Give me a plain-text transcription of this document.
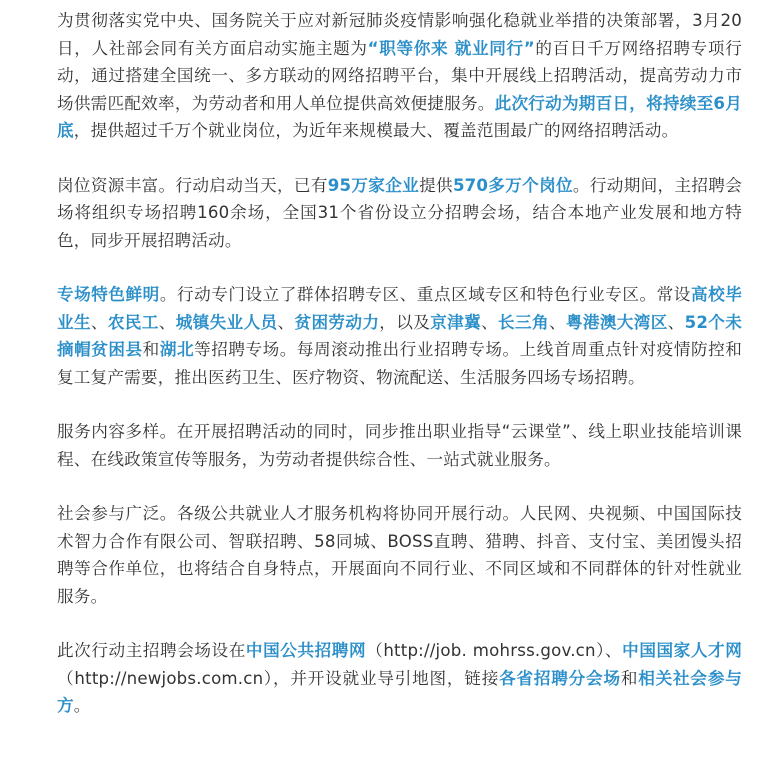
为贯彻落实党中央、国务院关于应对新冠肺炎疫情影响强化稳就业举措的决策部署，3月20日，人社部会同有关方面启动实施主题为“职等你来 就业同行”的百日千万网络招聘专项行动，通过搭建全国统一、多方联动的网络招聘平台，集中开展线上招聘活动，提高劳动力市场供需匹配效率，为劳动者和用人单位提供高效便捷服务。此次行动为期百日，将持续至6月底，提供超过千万个就业岗位，为近年来规模最大、覆盖范围最广的网络招聘活动。

岗位资源丰富。行动启动当天，已有95万家企业提供570多万个岗位。行动期间，主招聘会场将组织专场招聘160余场，全国31个省份设立分招聘会场，结合本地产业发展和地方特色，同步开展招聘活动。

专场特色鲜明。行动专门设立了群体招聘专区、重点区域专区和特色行业专区。常设高校毕业生、农民工、城镇失业人员、贫困劳动力，以及京津冀、长三角、粤港澳大湾区、52个未摘帽贫困县和湖北等招聘专场。每周滚动推出行业招聘专场。上线首周重点针对疫情防控和复工复产需要，推出医药卫生、医疗物资、物流配送、生活服务四场专场招聘。

服务内容多样。在开展招聘活动的同时，同步推出职业指导“云课堂”、线上职业技能培训课程、在线政策宣传等服务，为劳动者提供综合性、一站式就业服务。

社会参与广泛。各级公共就业人才服务机构将协同开展行动。人民网、央视频、中国国际技术智力合作有限公司、智联招聘、58同城、BOSS直聘、猎聘、抖音、支付宝、美团馒头招聘等合作单位，也将结合自身特点，开展面向不同行业、不同区域和不同群体的针对性就业服务。

此次行动主招聘会场设在中国公共招聘网（http://job. mohrss.gov.cn）、中国国家人才网（http://newjobs.com.cn），并开设就业导引地图，链接各省招聘分会场和相关社会参与方。
